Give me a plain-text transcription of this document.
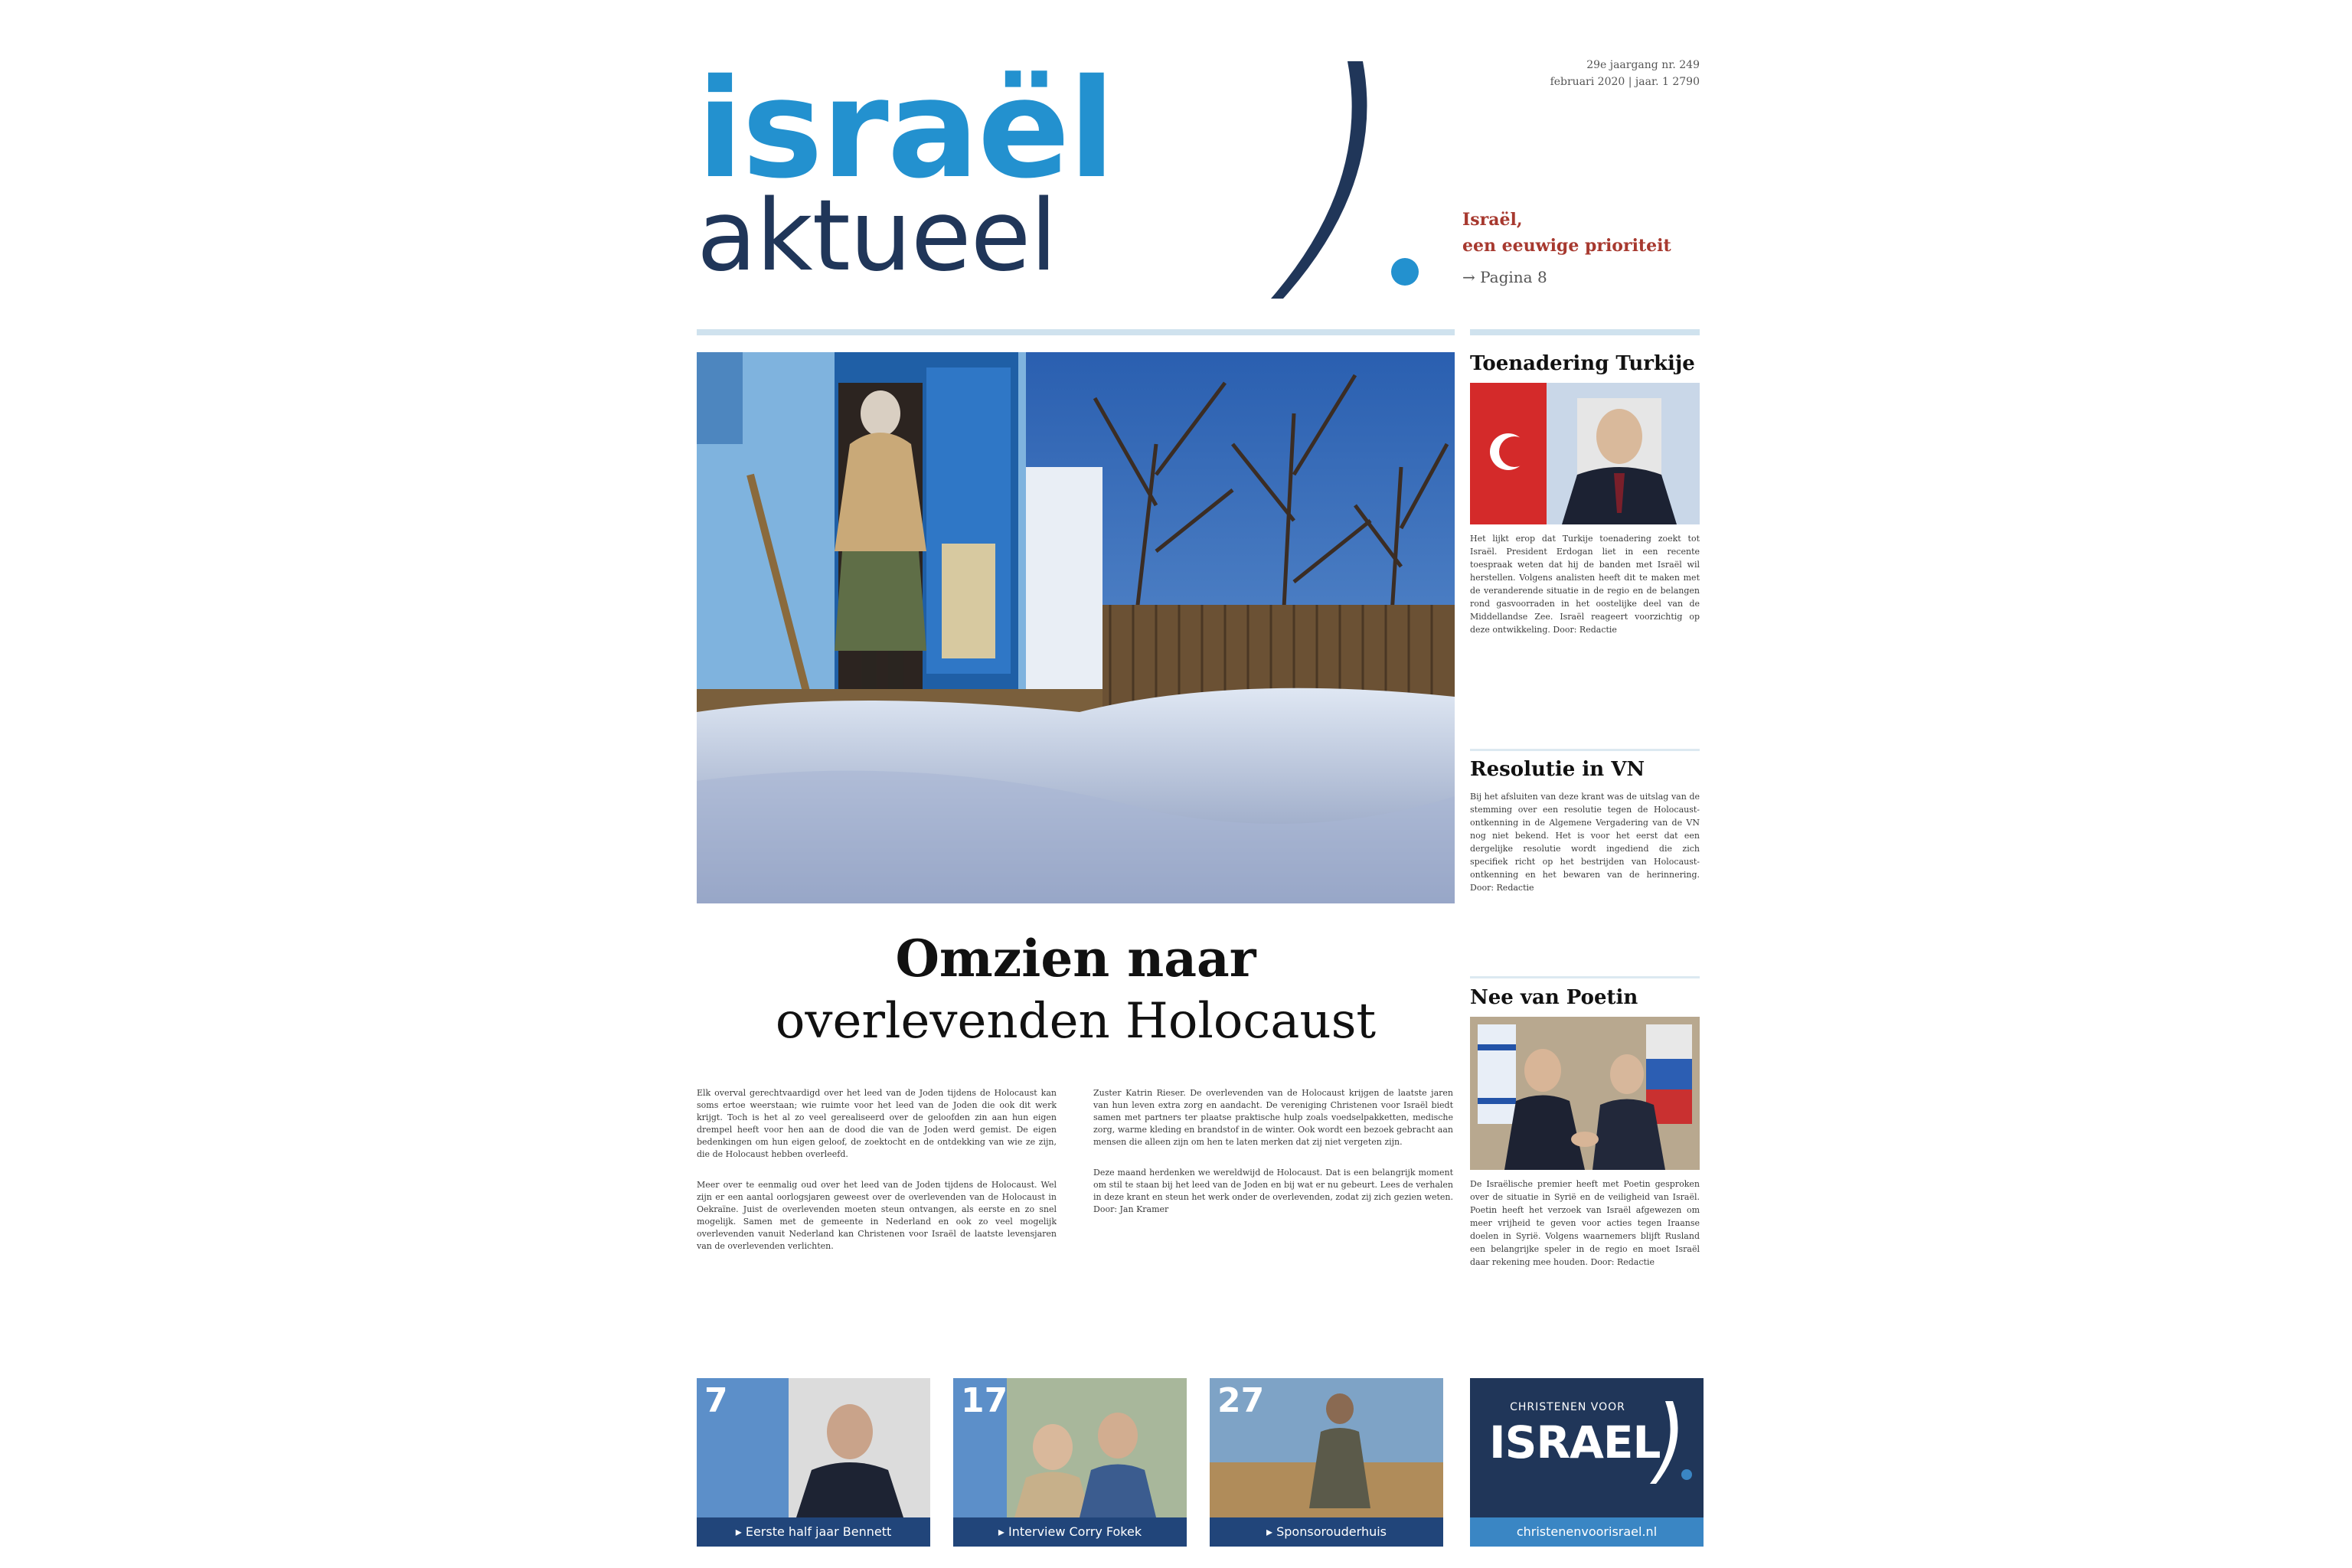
israël
aktueel
29e jaargang nr. 249
februari 2020 | jaar. 1 2790
Israël,
een eeuwige prioriteit
→ Pagina 8
Omzien naar
overlevenden Holocaust

Elk overval gerechtvaardigd over het leed van de Joden tijdens de Holocaust kan soms ertoe weerstaan; wie ruimte voor het leed van de Joden die ook dit werk krijgt. Toch is het al zo veel gerealiseerd over de geloofden zin aan hun eigen drempel heeft voor hen aan de dood die van de Joden werd gemist. De eigen bedenkingen om hun eigen geloof, de zoektocht en de ontdekking van wie ze zijn, die de Holocaust hebben overleefd.

Meer over te eenmalig oud over het leed van de Joden tijdens de Holocaust. Wel zijn er een aantal oorlogsjaren geweest over de overlevenden van de Holocaust in Oekraïne. Juist de overlevenden moeten steun ontvangen, als eerste en zo snel mogelijk. Samen met de gemeente in Nederland en ook zo veel mogelijk overlevenden vanuit Nederland kan Christenen voor Israël de laatste levensjaren van de overlevenden verlichten.

Zuster Katrin Rieser. De overlevenden van de Holocaust krijgen de laatste jaren van hun leven extra zorg en aandacht. De vereniging Christenen voor Israël biedt samen met partners ter plaatse praktische hulp zoals voedselpakketten, medische zorg, warme kleding en brandstof in de winter. Ook wordt een bezoek gebracht aan mensen die alleen zijn om hen te laten merken dat zij niet vergeten zijn.

Deze maand herdenken we wereldwijd de Holocaust. Dat is een belangrijk moment om stil te staan bij het leed van de Joden en bij wat er nu gebeurt. Lees de verhalen in deze krant en steun het werk onder de overlevenden, zodat zij zich gezien weten. Door: Jan Kramer

Toenadering Turkije

Het lijkt erop dat Turkije toenadering zoekt tot Israël. President Erdogan liet in een recente toespraak weten dat hij de banden met Israël wil herstellen. Volgens analisten heeft dit te maken met de veranderende situatie in de regio en de belangen rond gasvoorraden in het oostelijke deel van de Middellandse Zee. Israël reageert voorzichtig op deze ontwikkeling. Door: Redactie

Resolutie in VN

Bij het afsluiten van deze krant was de uitslag van de stemming over een resolutie tegen de Holocaust-ontkenning in de Algemene Vergadering van de VN nog niet bekend. Het is voor het eerst dat een dergelijke resolutie wordt ingediend die zich specifiek richt op het bestrijden van Holocaust-ontkenning en het bewaren van de herinnering. Door: Redactie

Nee van Poetin

De Israëlische premier heeft met Poetin gesproken over de situatie in Syrië en de veiligheid van Israël. Poetin heeft het verzoek van Israël afgewezen om meer vrijheid te geven voor acties tegen Iraanse doelen in Syrië. Volgens waarnemers blijft Rusland een belangrijke speler in de regio en moet Israël daar rekening mee houden. Door: Redactie

7
▸ Eerste half jaar Bennett
17
▸ Interview Corry Fokek
27
▸ Sponsorouderhuis
CHRISTENEN VOOR
ISRAEL
christenenvoorisrael.nl
